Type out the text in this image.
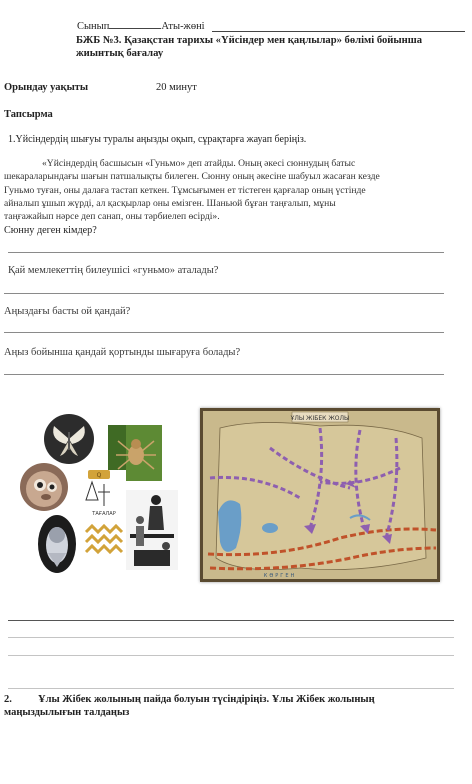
Сынып	Аты-жөні
БЖБ №3. Қазақстан тарихы «Үйсіндер мен қаңлылар» бөлімі бойынша
жиынтық бағалау
Орындау уақыты	20 минут
Тапсырма
1.Үйсіндердің шығуы туралы аңызды оқып, сұрақтарға жауап беріңіз.

«Үйсіндердің басшысын «Гуньмо» деп атайды. Оның әкесі сюннудың батыс

шекараларындағы шағын патшалықты билеген. Сюнну оның әкесіне шабуыл жасаған кезде
Гуньмо туған, оны далаға тастап кеткен. Тұмсығымен ет тістеген қарғалар оның үстінде
айналып ұшып жүрді, ал қасқырлар оны емізген. Шаньюй бұған таңғалып, мұны
таңғажайып нәрсе деп санап, оны тәрбиелеп өсірді».
Сюнну деген кімдер?
Қай мемлекеттің билеушісі «гуньмо» аталады?
Аңыздағы басты ой қандай?
Аңыз бойынша қандай қортынды шығаруға болады?
Q
ТАҒАЛАР
ҰЛЫ ЖІБЕК ЖОЛЫ
КӨРГЕН
2. Ұлы Жібек жолының пайда болуын түсіндіріңіз. Ұлы Жібек жолының
маңыздылығын талдаңыз
